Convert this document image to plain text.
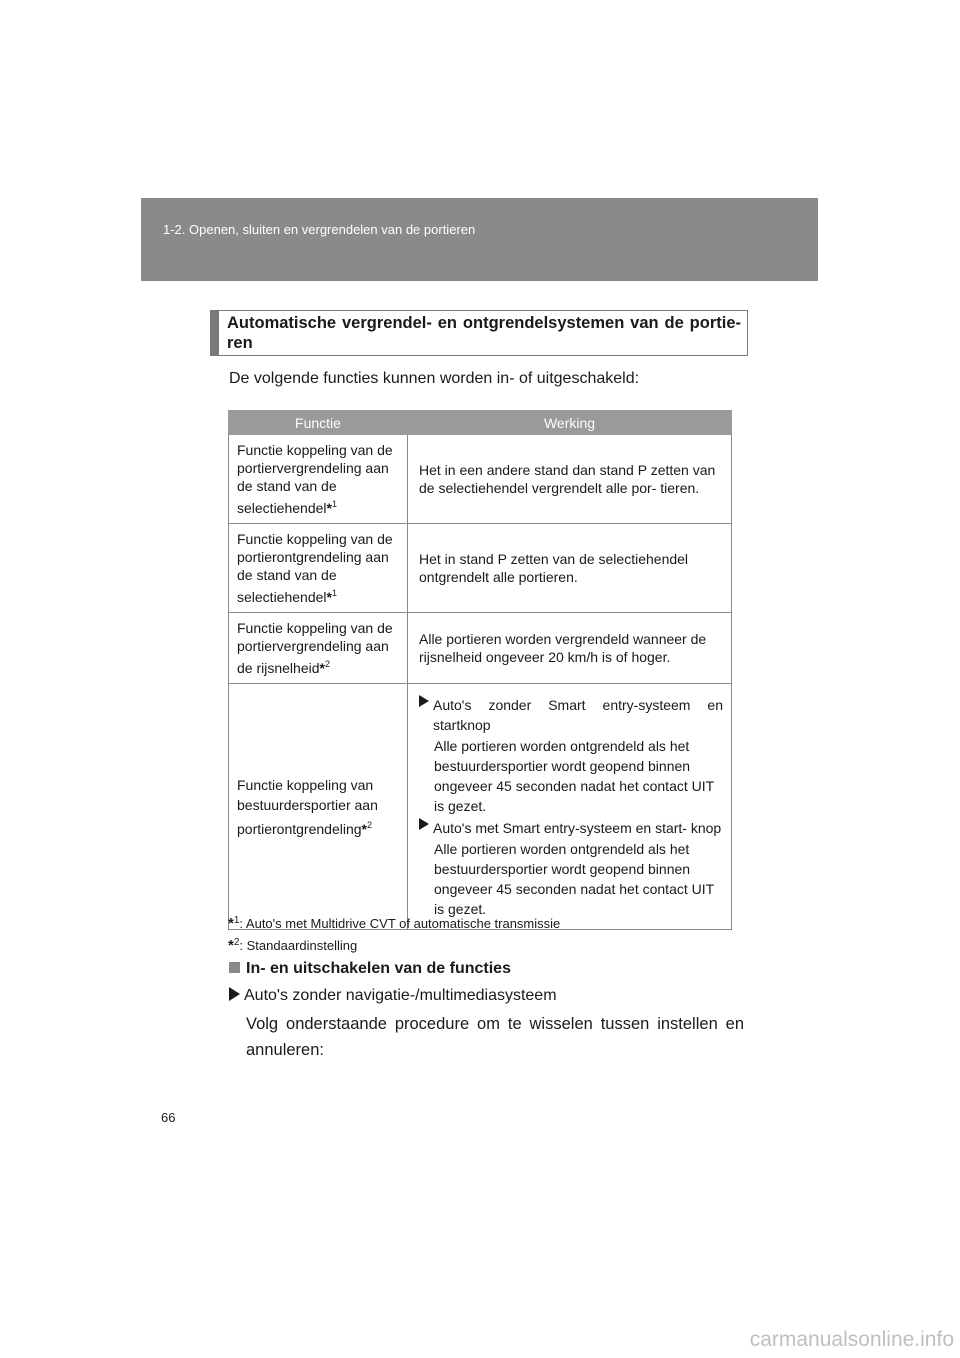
1-2. Openen, sluiten en vergrendelen van de portieren
Automatische vergrendel- en ontgrendelsystemen van de portie- ren
De volgende functies kunnen worden in- of uitgeschakeld:
Functie	Werking
Functie koppeling van de portiervergrendeling aan de stand van de selectiehendel*$^1$	Het in een andere stand dan stand P zetten van de selectiehendel vergrendelt alle por- tieren.
Functie koppeling van de portierontgrendeling aan de stand van de selectiehendel*$^1$	Het in stand P zetten van de selectiehendel ontgrendelt alle portieren.
Functie koppeling van de portiervergrendeling aan de rijsnelheid*$^2$	Alle portieren worden vergrendeld wanneer de rijsnelheid ongeveer 20 km/h is of hoger.
Functie koppeling van bestuurdersportier aan portierontgrendeling*$^2$	Auto's zonder Smart entry-systeem en startknop
Alle portieren worden ontgrendeld als het bestuurdersportier wordt geopend binnen ongeveer 45 seconden nadat het contact UIT is gezet.
Auto's met Smart entry-systeem en start- knop
Alle portieren worden ontgrendeld als het bestuurdersportier wordt geopend binnen ongeveer 45 seconden nadat het contact UIT is gezet.
*$^1$: Auto's met Multidrive CVT of automatische transmissie
*$^2$: Standaardinstelling
In- en uitschakelen van de functies
Auto's zonder navigatie-/multimediasysteem
Volg onderstaande procedure om te wisselen tussen instellen en annuleren:
66
carmanualsonline.info
